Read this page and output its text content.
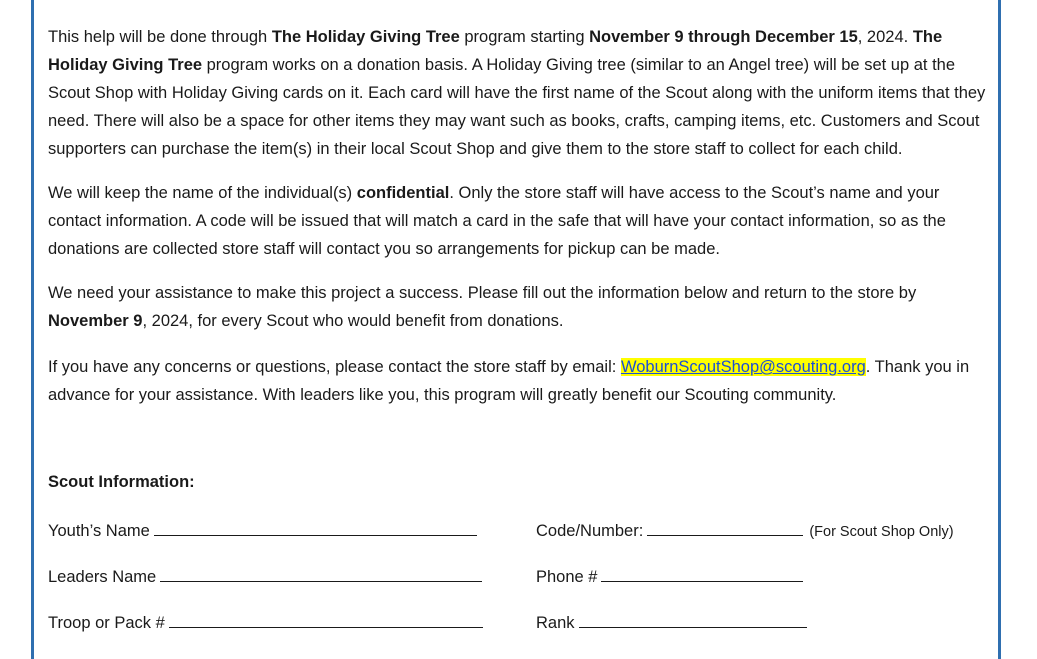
This help will be done through The Holiday Giving Tree program starting November 9 through December 15, 2024. The Holiday Giving Tree program works on a donation basis. A Holiday Giving tree (similar to an Angel tree) will be set up at the Scout Shop with Holiday Giving cards on it. Each card will have the first name of the Scout along with the uniform items that they need. There will also be a space for other items they may want such as books, crafts, camping items, etc. Customers and Scout supporters can purchase the item(s) in their local Scout Shop and give them to the store staff to collect for each child.

We will keep the name of the individual(s) confidential. Only the store staff will have access to the Scout’s name and your contact information. A code will be issued that will match a card in the safe that will have your contact information, so as the donations are collected store staff will contact you so arrangements for pickup can be made.

We need your assistance to make this project a success. Please fill out the information below and return to the store by November 9, 2024, for every Scout who would benefit from donations.

If you have any concerns or questions, please contact the store staff by email: WoburnScoutShop@scouting.org. Thank you in advance for your assistance. With leaders like you, this program will greatly benefit our Scouting community.

Scout Information:
Youth’s Name	Code/Number:	(For Scout Shop Only)
Leaders Name	Phone #
Troop or Pack #	Rank
